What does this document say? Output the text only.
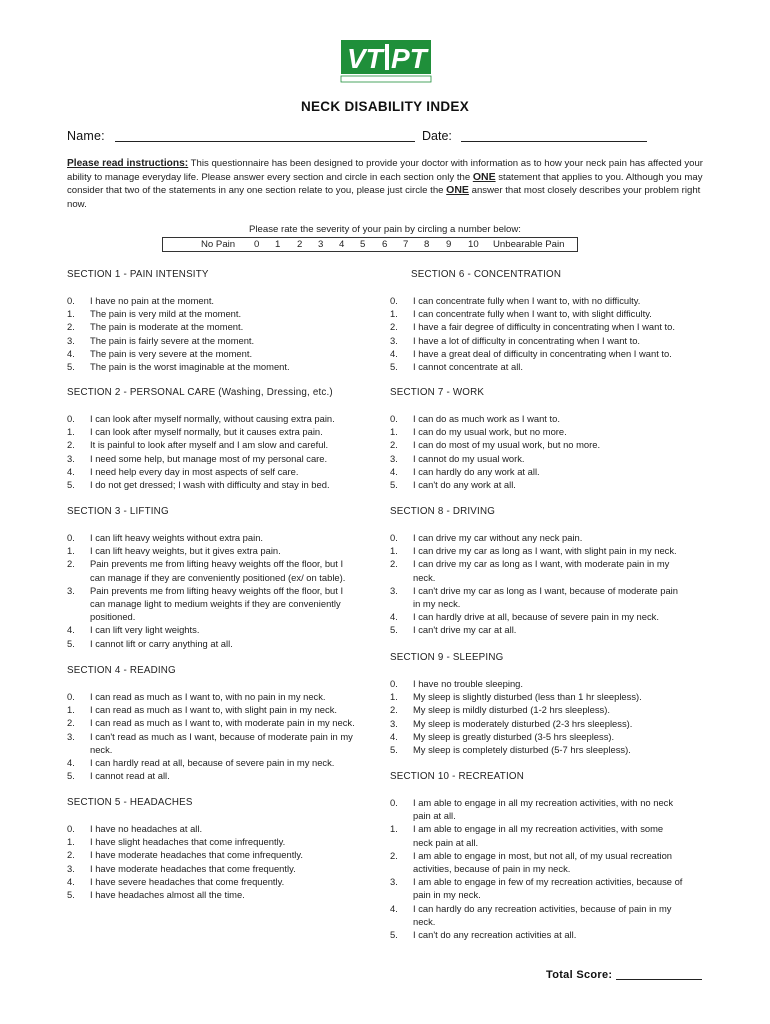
VT PT
NECK DISABILITY INDEX
Name:	Date:
Please read instructions: This questionnaire has been designed to provide your doctor with information as to how your neck pain has affected your ability to manage everyday life. Please answer every section and circle in each section only the ONE statement that applies to you. Although you may consider that two of the statements in any one section relate to you, please just circle the ONE answer that most closely describes your problem right now.
Please rate the severity of your pain by circling a number below:
No Pain 0 1 2 3 4 5 6 7 8 9 10 Unbearable Pain
SECTION 1 - PAIN INTENSITY
0. I have no pain at the moment.
1. The pain is very mild at the moment.
2. The pain is moderate at the moment.
3. The pain is fairly severe at the moment.
4. The pain is very severe at the moment.
5. The pain is the worst imaginable at the moment.
SECTION 2 - PERSONAL CARE (Washing, Dressing, etc.)
0. I can look after myself normally, without causing extra pain.
1. I can look after myself normally, but it causes extra pain.
2. It is painful to look after myself and I am slow and careful.
3. I need some help, but manage most of my personal care.
4. I need help every day in most aspects of self care.
5. I do not get dressed; I wash with difficulty and stay in bed.
SECTION 3 - LIFTING
0. I can lift heavy weights without extra pain.
1. I can lift heavy weights, but it gives extra pain.
2. Pain prevents me from lifting heavy weights off the floor, but I
can manage if they are conveniently positioned (ex/ on table).
3. Pain prevents me from lifting heavy weights off the floor, but I
can manage light to medium weights if they are conveniently
positioned.
4. I can lift very light weights.
5. I cannot lift or carry anything at all.
SECTION 4 - READING
0. I can read as much as I want to, with no pain in my neck.
1. I can read as much as I want to, with slight pain in my neck.
2. I can read as much as I want to, with moderate pain in my neck.
3. I can't read as much as I want, because of moderate pain in my
neck.
4. I can hardly read at all, because of severe pain in my neck.
5. I cannot read at all.
SECTION 5 - HEADACHES
0. I have no headaches at all.
1. I have slight headaches that come infrequently.
2. I have moderate headaches that come infrequently.
3. I have moderate headaches that come frequently.
4. I have severe headaches that come frequently.
5. I have headaches almost all the time.
SECTION 6 - CONCENTRATION
0. I can concentrate fully when I want to, with no difficulty.
1. I can concentrate fully when I want to, with slight difficulty.
2. I have a fair degree of difficulty in concentrating when I want to.
3. I have a lot of difficulty in concentrating when I want to.
4. I have a great deal of difficulty in concentrating when I want to.
5. I cannot concentrate at all.
SECTION 7 - WORK
0. I can do as much work as I want to.
1. I can do my usual work, but no more.
2. I can do most of my usual work, but no more.
3. I cannot do my usual work.
4. I can hardly do any work at all.
5. I can't do any work at all.
SECTION 8 - DRIVING
0. I can drive my car without any neck pain.
1. I can drive my car as long as I want, with slight pain in my neck.
2. I can drive my car as long as I want, with moderate pain in my
neck.
3. I can't drive my car as long as I want, because of moderate pain
in my neck.
4. I can hardly drive at all, because of severe pain in my neck.
5. I can't drive my car at all.
SECTION 9 - SLEEPING
0. I have no trouble sleeping.
1. My sleep is slightly disturbed (less than 1 hr sleepless).
2. My sleep is mildly disturbed (1-2 hrs sleepless).
3. My sleep is moderately disturbed (2-3 hrs sleepless).
4. My sleep is greatly disturbed (3-5 hrs sleepless).
5. My sleep is completely disturbed (5-7 hrs sleepless).
SECTION 10 - RECREATION
0. I am able to engage in all my recreation activities, with no neck
pain at all.
1. I am able to engage in all my recreation activities, with some
neck pain at all.
2. I am able to engage in most, but not all, of my usual recreation
activities, because of pain in my neck.
3. I am able to engage in few of my recreation activities, because of
pain in my neck.
4. I can hardly do any recreation activities, because of pain in my
neck.
5. I can't do any recreation activities at all.
Total Score:
